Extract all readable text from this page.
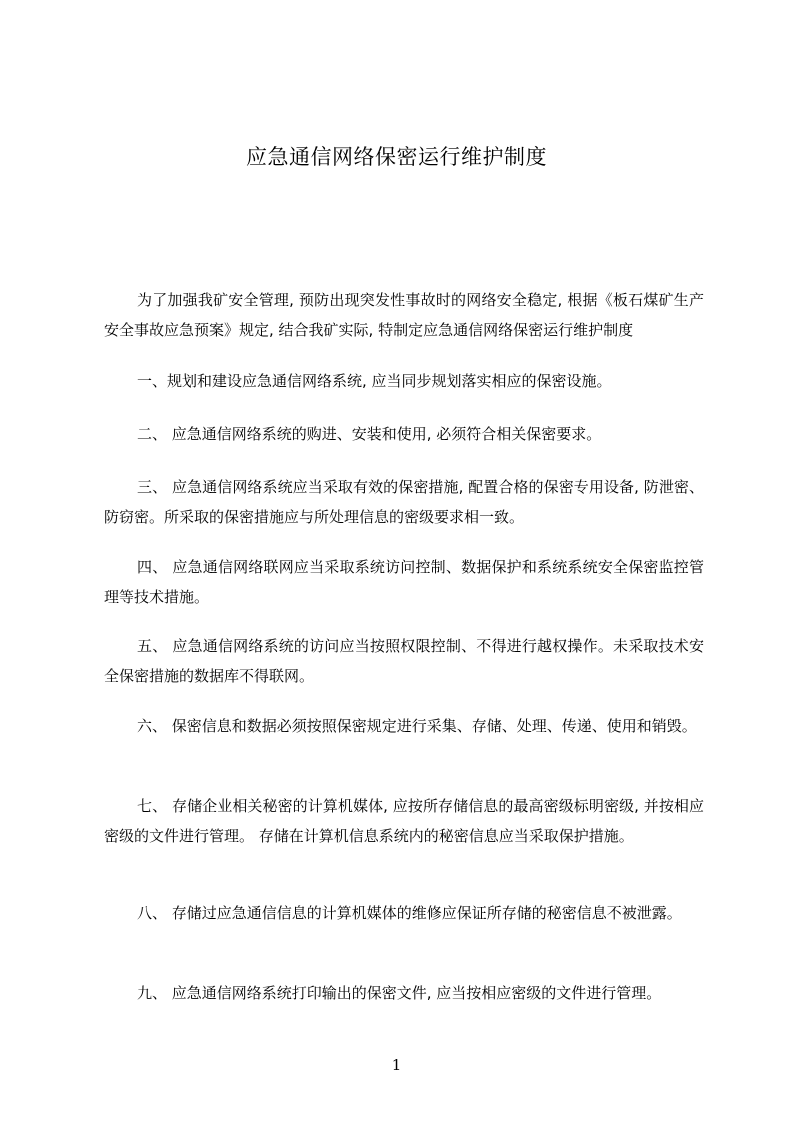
应急通信网络保密运行维护制度

为了加强我矿安全管理, 预防出现突发性事故时的网络安全稳定, 根据《板石煤矿生产安全事故应急预案》规定, 结合我矿实际, 特制定应急通信网络保密运行维护制度

一、规划和建设应急通信网络系统, 应当同步规划落实相应的保密设施。

二、 应急通信网络系统的购进、安装和使用, 必须符合相关保密要求。

三、 应急通信网络系统应当采取有效的保密措施, 配置合格的保密专用设备, 防泄密、防窃密。所采取的保密措施应与所处理信息的密级要求相一致。

四、 应急通信网络联网应当采取系统访问控制、数据保护和系统系统安全保密监控管理等技术措施。

五、 应急通信网络系统的访问应当按照权限控制、不得进行越权操作。未采取技术安全保密措施的数据库不得联网。

六、 保密信息和数据必须按照保密规定进行采集、存储、处理、传递、使用和销毁。

七、 存储企业相关秘密的计算机媒体, 应按所存储信息的最高密级标明密级, 并按相应密级的文件进行管理。 存储在计算机信息系统内的秘密信息应当采取保护措施。

八、 存储过应急通信信息的计算机媒体的维修应保证所存储的秘密信息不被泄露。

九、 应急通信网络系统打印输出的保密文件, 应当按相应密级的文件进行管理。

1
